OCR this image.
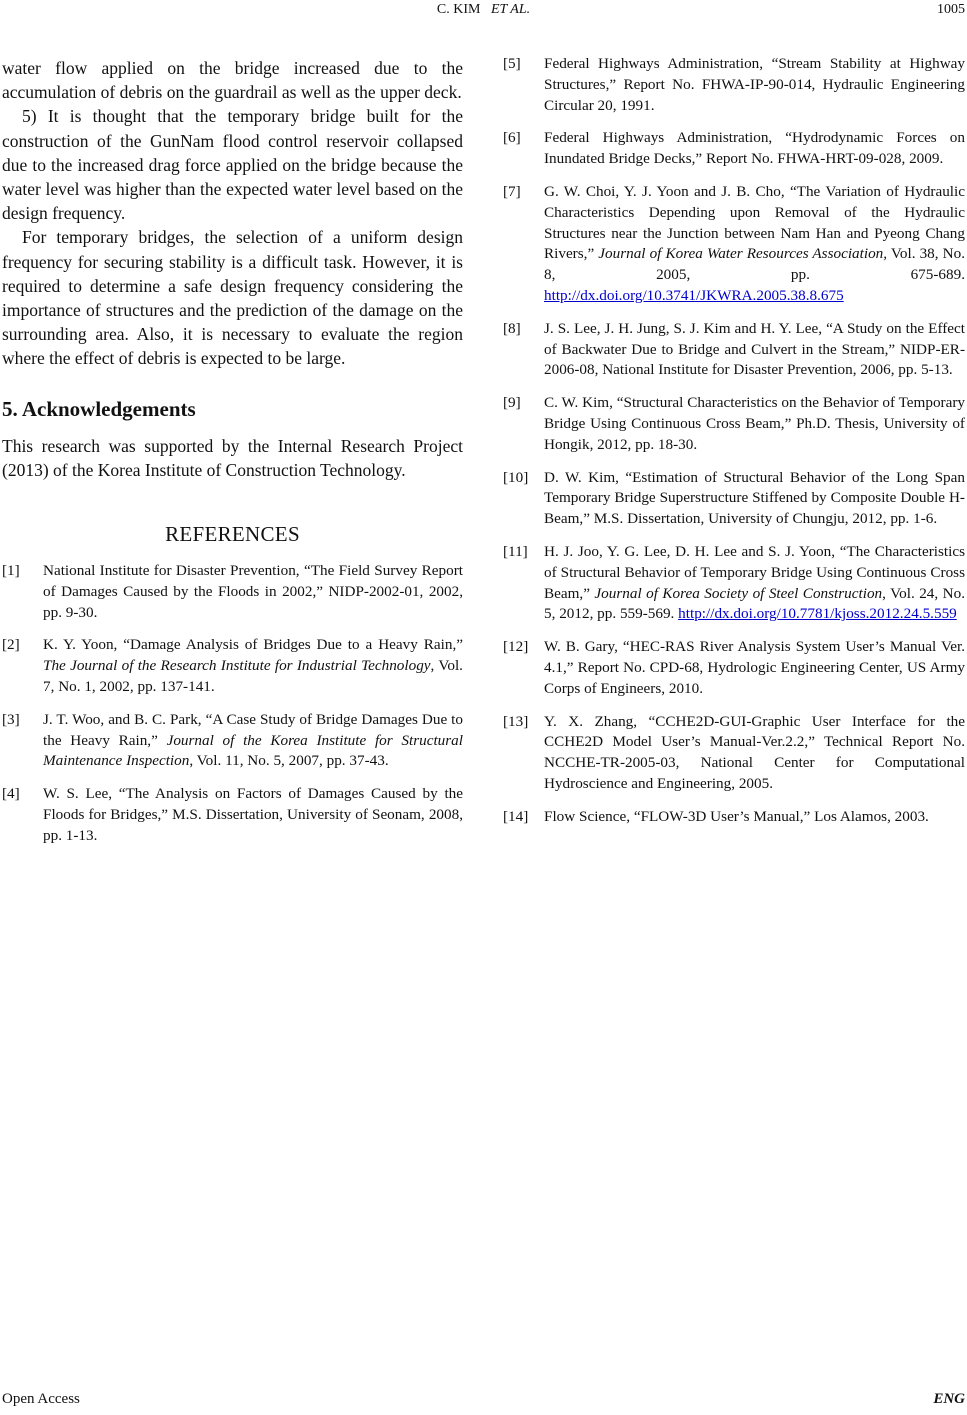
C. KIM ET AL.	1005

water flow applied on the bridge increased due to the accumulation of debris on the guardrail as well as the upper deck.

5) It is thought that the temporary bridge built for the construction of the GunNam flood control reservoir collapsed due to the increased drag force applied on the bridge because the water level was higher than the expected water level based on the design frequency.

For temporary bridges, the selection of a uniform design frequency for securing stability is a difficult task. However, it is required to determine a safe design frequency considering the importance of structures and the prediction of the damage on the surrounding area. Also, it is necessary to evaluate the region where the effect of debris is expected to be large.

5. Acknowledgements

This research was supported by the Internal Research Project (2013) of the Korea Institute of Construction Technology.

REFERENCES
[1]	National Institute for Disaster Prevention, “The Field Survey Report of Damages Caused by the Floods in 2002,” NIDP-2002-01, 2002, pp. 9-30.
[2]	K. Y. Yoon, “Damage Analysis of Bridges Due to a Heavy Rain,” The Journal of the Research Institute for Industrial Technology, Vol. 7, No. 1, 2002, pp. 137-141.
[3]	J. T. Woo, and B. C. Park, “A Case Study of Bridge Damages Due to the Heavy Rain,” Journal of the Korea Institute for Structural Maintenance Inspection, Vol. 11, No. 5, 2007, pp. 37-43.
[4]	W. S. Lee, “The Analysis on Factors of Damages Caused by the Floods for Bridges,” M.S. Dissertation, University of Seonam, 2008, pp. 1-13.
[5]	Federal Highways Administration, “Stream Stability at Highway Structures,” Report No. FHWA-IP-90-014, Hydraulic Engineering Circular 20, 1991.
[6]	Federal Highways Administration, “Hydrodynamic Forces on Inundated Bridge Decks,” Report No. FHWA-HRT-09-028, 2009.
[7]	G. W. Choi, Y. J. Yoon and J. B. Cho, “The Variation of Hydraulic Characteristics Depending upon Removal of the Hydraulic Structures near the Junction between Nam Han and Pyeong Chang Rivers,” Journal of Korea Water Resources Association, Vol. 38, No. 8, 2005, pp. 675-689. http://dx.doi.org/10.3741/JKWRA.2005.38.8.675
[8]	J. S. Lee, J. H. Jung, S. J. Kim and H. Y. Lee, “A Study on the Effect of Backwater Due to Bridge and Culvert in the Stream,” NIDP-ER-2006-08, National Institute for Disaster Prevention, 2006, pp. 5-13.
[9]	C. W. Kim, “Structural Characteristics on the Behavior of Temporary Bridge Using Continuous Cross Beam,” Ph.D. Thesis, University of Hongik, 2012, pp. 18-30.
[10]	D. W. Kim, “Estimation of Structural Behavior of the Long Span Temporary Bridge Superstructure Stiffened by Composite Double H-Beam,” M.S. Dissertation, University of Chungju, 2012, pp. 1-6.
[11]	H. J. Joo, Y. G. Lee, D. H. Lee and S. J. Yoon, “The Characteristics of Structural Behavior of Temporary Bridge Using Continuous Cross Beam,” Journal of Korea Society of Steel Construction, Vol. 24, No. 5, 2012, pp. 559-569. http://dx.doi.org/10.7781/kjoss.2012.24.5.559
[12]	W. B. Gary, “HEC-RAS River Analysis System User’s Manual Ver. 4.1,” Report No. CPD-68, Hydrologic Engineering Center, US Army Corps of Engineers, 2010.
[13]	Y. X. Zhang, “CCHE2D-GUI-Graphic User Interface for the CCHE2D Model User’s Manual-Ver.2.2,” Technical Report No. NCCHE-TR-2005-03, National Center for Computational Hydroscience and Engineering, 2005.
[14]	Flow Science, “FLOW-3D User’s Manual,” Los Alamos, 2003.
Open Access	ENG
